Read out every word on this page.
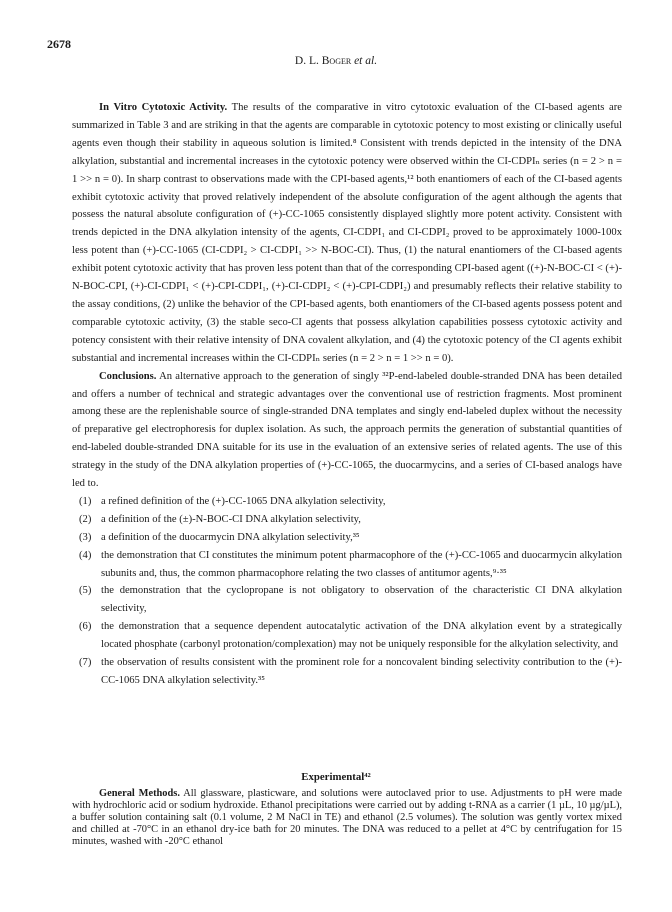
2678
D. L. Boger et al.

In Vitro Cytotoxic Activity. The results of the comparative in vitro cytotoxic evaluation of the CI-based agents are summarized in Table 3 and are striking in that the agents are comparable in cytotoxic potency to most existing or clinically useful agents even though their stability in aqueous solution is limited.⁸ Consistent with trends depicted in the intensity of the DNA alkylation, substantial and incremental increases in the cytotoxic potency were observed within the CI-CDPIₙ series (n = 2 > n = 1 >> n = 0). In sharp contrast to observations made with the CPI-based agents,¹² both enantiomers of each of the CI-based agents exhibit cytotoxic activity that proved relatively independent of the absolute configuration of the agent although the agents that possess the natural absolute configuration of (+)-CC-1065 consistently displayed slightly more potent activity. Consistent with trends depicted in the DNA alkylation intensity of the agents, CI-CDPI₁ and CI-CDPI₂ proved to be approximately 1000-100x less potent than (+)-CC-1065 (CI-CDPI₂ > CI-CDPI₁ >> N-BOC-CI). Thus, (1) the natural enantiomers of the CI-based agents exhibit potent cytotoxic activity that has proven less potent than that of the corresponding CPI-based agent ((+)-N-BOC-CI < (+)-N-BOC-CPI, (+)-CI-CDPI₁ < (+)-CPI-CDPI₁, (+)-CI-CDPI₂ < (+)-CPI-CDPI₂) and presumably reflects their relative stability to the assay conditions, (2) unlike the behavior of the CPI-based agents, both enantiomers of the CI-based agents possess potent and comparable cytotoxic activity, (3) the stable seco-CI agents that possess alkylation capabilities possess cytotoxic activity and potency consistent with their relative intensity of DNA covalent alkylation, and (4) the cytotoxic potency of the CI agents exhibit substantial and incremental increases within the CI-CDPIₙ series (n = 2 > n = 1 >> n = 0).

Conclusions. An alternative approach to the generation of singly ³²P-end-labeled double-stranded DNA has been detailed and offers a number of technical and strategic advantages over the conventional use of restriction fragments. Most prominent among these are the replenishable source of single-stranded DNA templates and singly end-labeled duplex without the necessity of preparative gel electrophoresis for duplex isolation. As such, the approach permits the generation of substantial quantities of end-labeled double-stranded DNA suitable for its use in the evaluation of an extensive series of related agents. The use of this strategy in the study of the DNA alkylation properties of (+)-CC-1065, the duocarmycins, and a series of CI-based analogs have led to.

(1) a refined definition of the (+)-CC-1065 DNA alkylation selectivity,
(2) a definition of the (±)-N-BOC-CI DNA alkylation selectivity,
(3) a definition of the duocarmycin DNA alkylation selectivity,³⁵
(4) the demonstration that CI constitutes the minimum potent pharmacophore of the (+)-CC-1065 and duocarmycin alkylation subunits and, thus, the common pharmacophore relating the two classes of antitumor agents,⁹·³⁵
(5) the demonstration that the cyclopropane is not obligatory to observation of the characteristic CI DNA alkylation selectivity,
(6) the demonstration that a sequence dependent autocatalytic activation of the DNA alkylation event by a strategically located phosphate (carbonyl protonation/complexation) may not be uniquely responsible for the alkylation selectivity, and
(7) the observation of results consistent with the prominent role for a noncovalent binding selectivity contribution to the (+)-CC-1065 DNA alkylation selectivity.³⁵
Experimental⁴²

General Methods. All glassware, plasticware, and solutions were autoclaved prior to use. Adjustments to pH were made with hydrochloric acid or sodium hydroxide. Ethanol precipitations were carried out by adding t-RNA as a carrier (1 µL, 10 µg/µL), a buffer solution containing salt (0.1 volume, 2 M NaCl in TE) and ethanol (2.5 volumes). The solution was gently vortex mixed and chilled at -70°C in an ethanol dry-ice bath for 20 minutes. The DNA was reduced to a pellet at 4°C by centrifugation for 15 minutes, washed with -20°C ethanol
